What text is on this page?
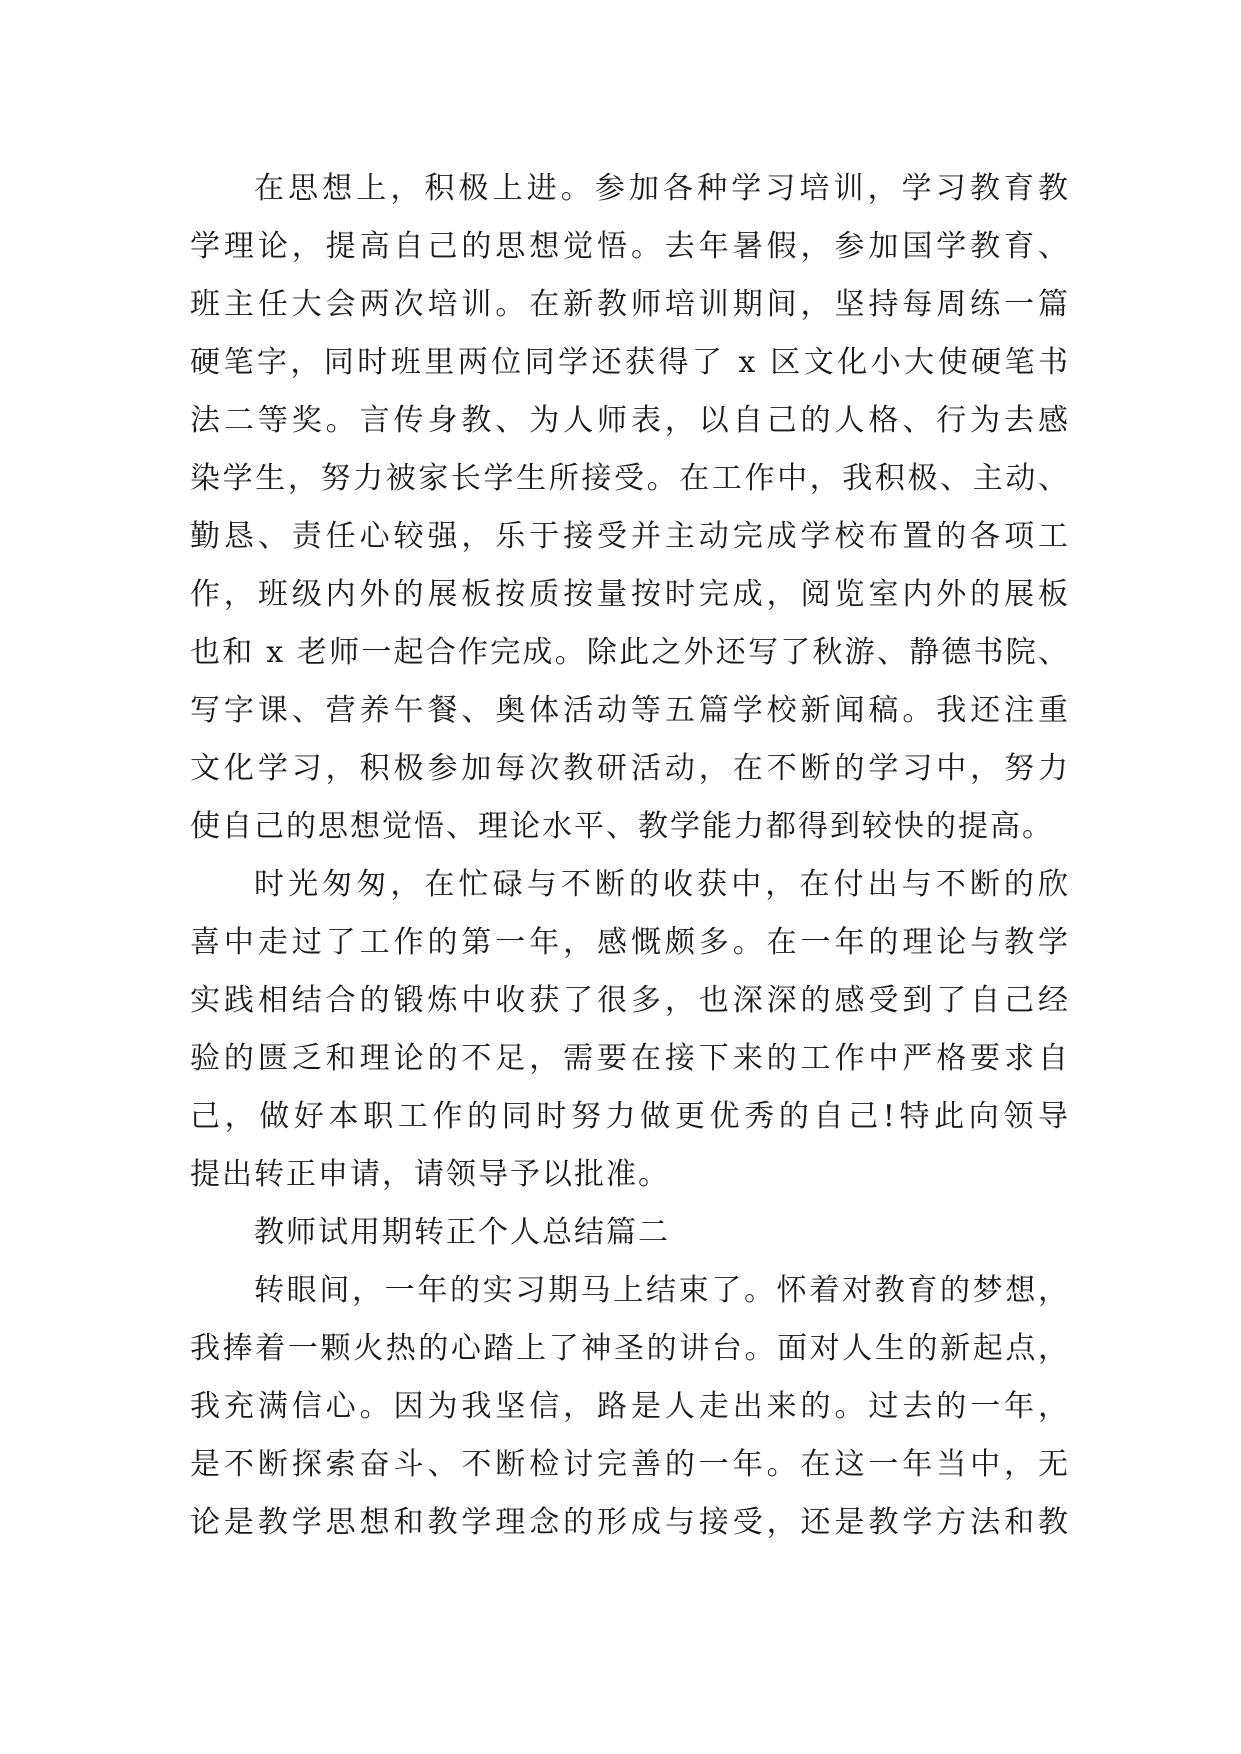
在思想上，积极上进。参加各种学习培训，学习教育教
学理论，提高自己的思想觉悟。去年暑假，参加国学教育、
班主任大会两次培训。在新教师培训期间，坚持每周练一篇
硬笔字，同时班里两位同学还获得了 x 区文化小大使硬笔书
法二等奖。言传身教、为人师表，以自己的人格、行为去感
染学生，努力被家长学生所接受。在工作中，我积极、主动、
勤恳、责任心较强，乐于接受并主动完成学校布置的各项工
作，班级内外的展板按质按量按时完成，阅览室内外的展板
也和 x 老师一起合作完成。除此之外还写了秋游、静德书院、
写字课、营养午餐、奥体活动等五篇学校新闻稿。我还注重
文化学习，积极参加每次教研活动，在不断的学习中，努力
使自己的思想觉悟、理论水平、教学能力都得到较快的提高。
时光匆匆，在忙碌与不断的收获中，在付出与不断的欣
喜中走过了工作的第一年，感慨颇多。在一年的理论与教学
实践相结合的锻炼中收获了很多，也深深的感受到了自己经
验的匮乏和理论的不足，需要在接下来的工作中严格要求自
己，做好本职工作的同时努力做更优秀的自己!特此向领导
提出转正申请，请领导予以批准。
教师试用期转正个人总结篇二
转眼间，一年的实习期马上结束了。怀着对教育的梦想，
我捧着一颗火热的心踏上了神圣的讲台。面对人生的新起点，
我充满信心。因为我坚信，路是人走出来的。过去的一年，
是不断探索奋斗、不断检讨完善的一年。在这一年当中，无
论是教学思想和教学理念的形成与接受，还是教学方法和教
